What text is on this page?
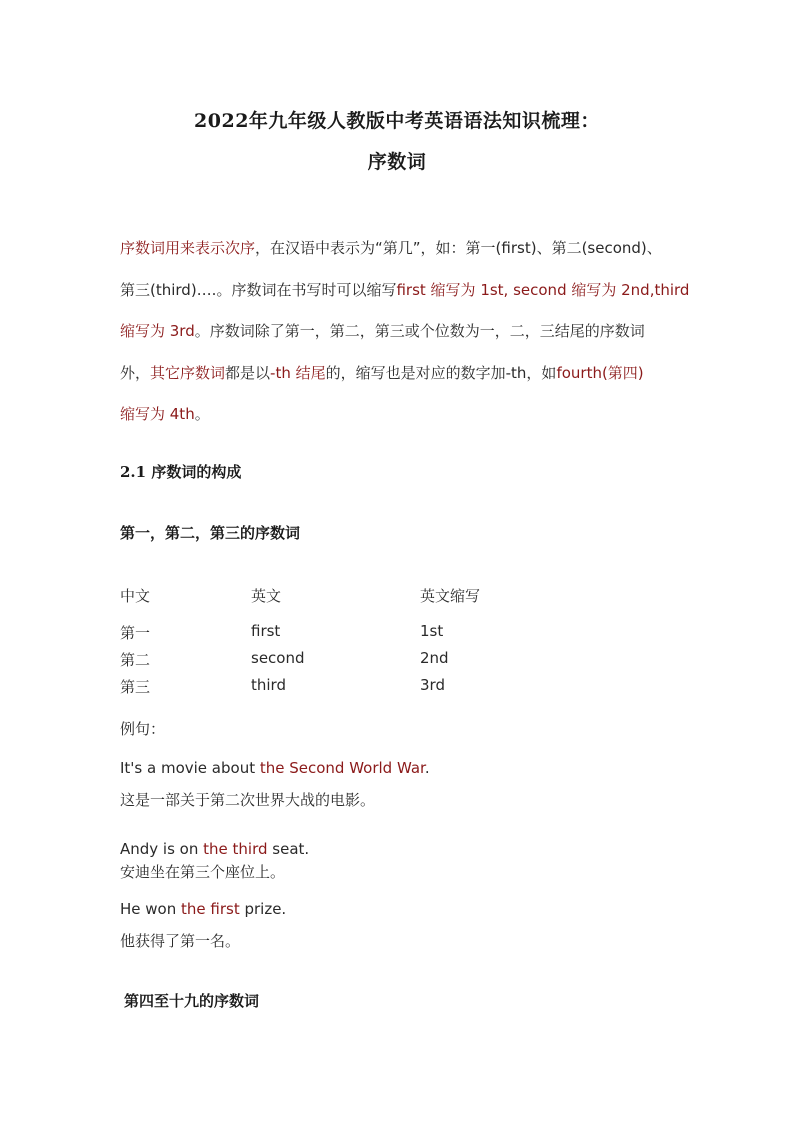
2022年九年级人教版中考英语语法知识梳理：
序数词
序数词用来表示次序，在汉语中表示为“第几”，如：第一(first)、第二(second)、
第三(third)….。序数词在书写时可以缩写first 缩写为 1st, second 缩写为 2nd,third
缩写为 3rd。序数词除了第一，第二，第三或个位数为一，二，三结尾的序数词
外，其它序数词都是以-th 结尾的，缩写也是对应的数字加-th，如fourth(第四)
缩写为 4th。
2.1 序数词的构成
第一，第二，第三的序数词
中文	英文	英文缩写
第一	first	1st
第二	second	2nd
第三	third	3rd
例句：
It's a movie about the Second World War.
这是一部关于第二次世界大战的电影。
Andy is on the third seat.
安迪坐在第三个座位上。
He won the first prize.
他获得了第一名。
第四至十九的序数词
